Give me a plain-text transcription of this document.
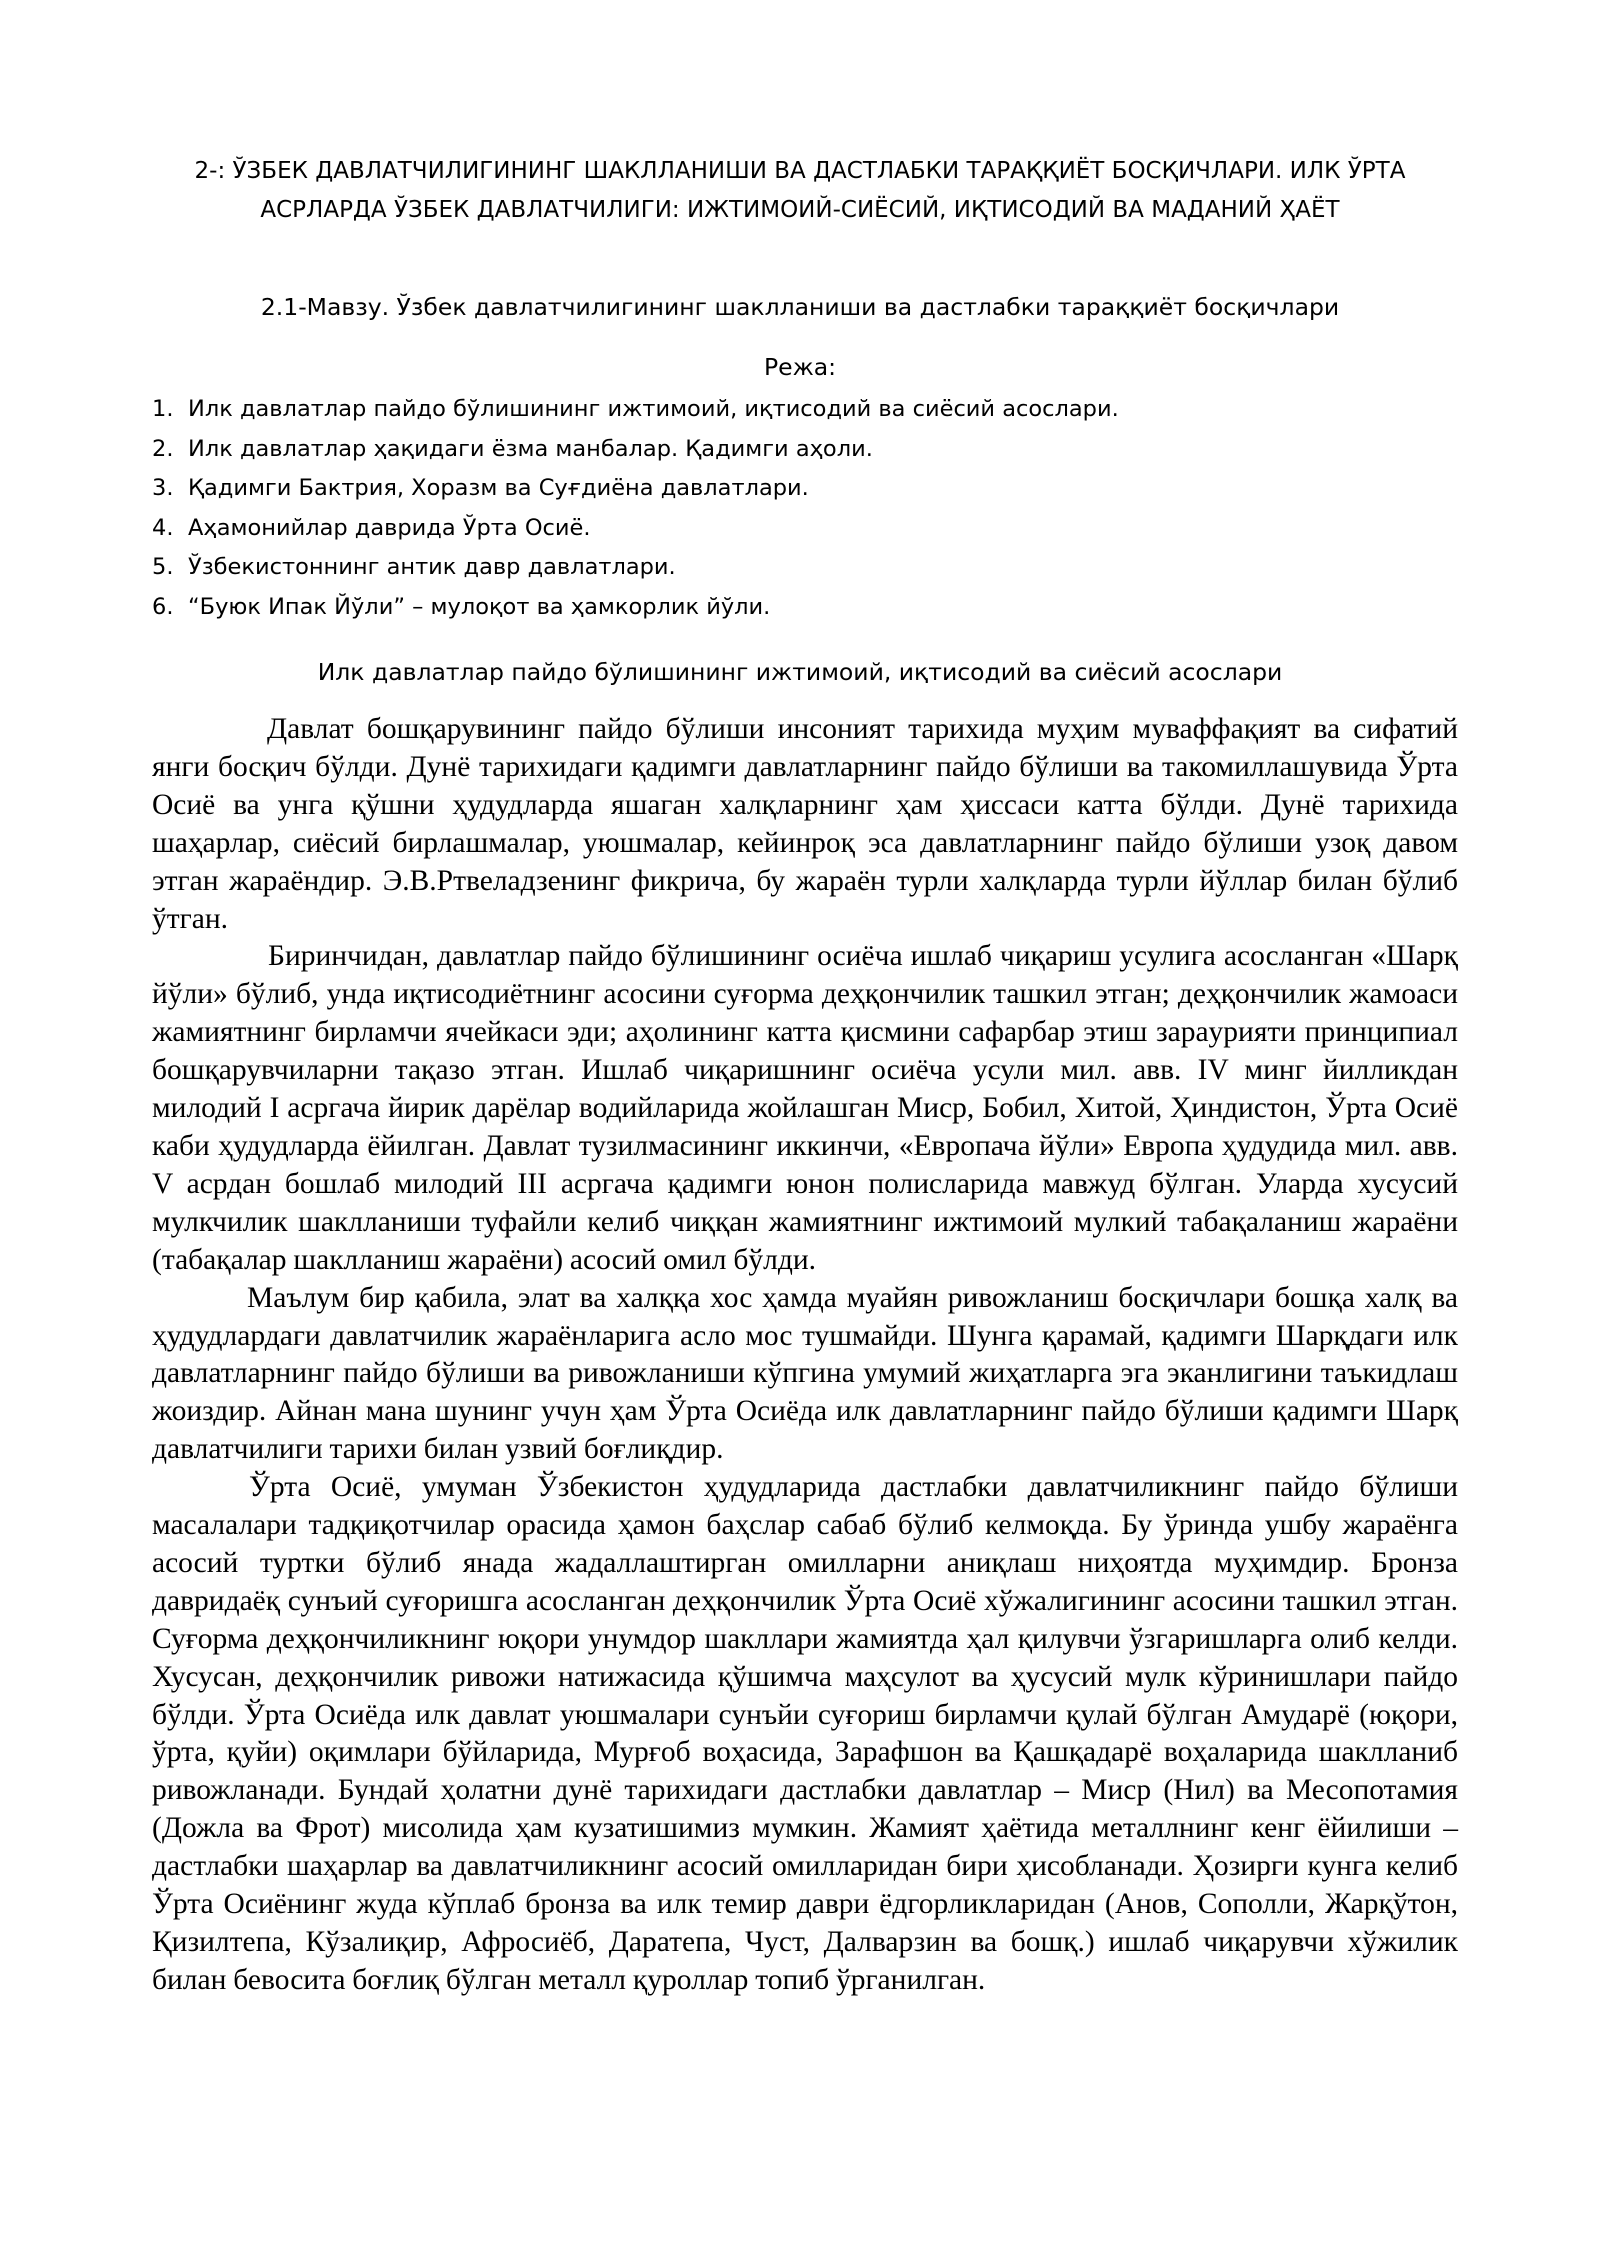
2-: ЎЗБЕК ДАВЛАТЧИЛИГИНИНГ ШАКЛЛАНИШИ ВА ДАСТЛАБКИ ТАРАҚҚИЁТ БОСҚИЧЛАРИ. ИЛК ЎРТА АСРЛАРДА ЎЗБЕК ДАВЛАТЧИЛИГИ: ИЖТИМОИЙ-СИЁСИЙ, ИҚТИСОДИЙ ВА МАДАНИЙ ҲАЁТ
2.1-Мавзу. Ўзбек давлатчилигининг шаклланиши ва дастлабки тараққиёт босқичлари
Режа:
1. Илк давлатлар пайдо бўлишининг ижтимоий, иқтисодий ва сиёсий асослари.
2. Илк давлатлар ҳақидаги ёзма манбалар. Қадимги аҳоли.
3. Қадимги Бактрия, Хоразм ва Суғдиёна давлатлари.
4. Аҳамонийлар даврида Ўрта Осиё.
5. Ўзбекистоннинг антик давр давлатлари.
6. “Буюк Ипак Йўли” – мулоқот ва ҳамкорлик йўли.
Илк давлатлар пайдо бўлишининг ижтимоий, иқтисодий ва сиёсий асослари

Давлат бошқарувининг пайдо бўлиши инсоният тарихида муҳим муваффақият ва сифатий янги босқич бўлди. Дунё тарихидаги қадимги давлатларнинг пайдо бўлиши ва такомиллашувида Ўрта Осиё ва унга қўшни ҳудудларда яшаган халқларнинг ҳам ҳиссаси катта бўлди. Дунё тарихида шаҳарлар, сиёсий бирлашмалар, уюшмалар, кейинроқ эса давлатларнинг пайдо бўлиши узоқ давом этган жараёндир. Э.В.Ртвеладзенинг фикрича, бу жараён турли халқларда турли йўллар билан бўлиб ўтган.

Биринчидан, давлатлар пайдо бўлишининг осиёча ишлаб чиқариш усулига асосланган «Шарқ йўли» бўлиб, унда иқтисодиётнинг асосини суғорма деҳқончилик ташкил этган; деҳқончилик жамоаси жамиятнинг бирламчи ячейкаси эди; аҳолининг катта қисмини сафарбар этиш зарaурияти принципиал бошқарувчиларни тақазо этган. Ишлаб чиқаришнинг осиёча усули мил. авв. IV минг йилликдан милодий I асргача йирик дарёлар водийларида жойлашган Миср, Бобил, Хитой, Ҳиндистон, Ўрта Осиё каби ҳудудларда ёйилган. Давлат тузилмасининг иккинчи, «Европача йўли» Европа ҳудудида мил. авв. V асрдан бошлаб милодий III асргача қадимги юнон полисларида мавжуд бўлган. Уларда хусусий мулкчилик шаклланиши туфайли келиб чиққан жамиятнинг ижтимоий мулкий табақаланиш жараёни (табақалар шаклланиш жараёни) асосий омил бўлди.

Маълум бир қабила, элат ва халққа хос ҳамда муайян ривожланиш босқичлари бошқа халқ ва ҳудудлардаги давлатчилик жараёнларига асло мос тушмайди. Шунга қарамай, қадимги Шарқдаги илк давлатларнинг пайдо бўлиши ва ривожланиши кўпгина умумий жиҳатларга эга эканлигини таъкидлаш жоиздир. Айнан мана шунинг учун ҳам Ўрта Осиёда илк давлатларнинг пайдо бўлиши қадимги Шарқ давлатчилиги тарихи билан узвий боғлиқдир.

Ўрта Осиё, умуман Ўзбекистон ҳудудларида дастлабки давлатчиликнинг пайдо бўлиши масалалари тадқиқотчилар орасида ҳамон баҳслар сабаб бўлиб келмоқда. Бу ўринда ушбу жараёнга асосий туртки бўлиб янада жадаллаштирган омилларни аниқлаш ниҳоятда муҳимдир. Бронза давридаёқ сунъий суғоришга асосланган деҳқончилик Ўрта Осиё хўжалигининг асосини ташкил этган. Суғорма деҳқончиликнинг юқори унумдор шакллари жамиятда ҳал қилувчи ўзгаришларга олиб келди. Хусусан, деҳқончилик ривожи натижасида қўшимча маҳсулот ва ҳусусий мулк кўринишлари пайдо бўлди. Ўрта Осиёда илк давлат уюшмалари сунъйи суғориш бирламчи қулай бўлган Амударё (юқори, ўрта, қуйи) оқимлари бўйларида, Мурғоб воҳасида, Зарафшон ва Қашқадарё воҳаларида шаклланиб ривожланади. Бундай ҳолатни дунё тарихидаги дастлабки давлатлар – Миср (Нил) ва Месопотамия (Дожла ва Фрот) мисолида ҳам кузатишимиз мумкин. Жамият ҳаётида металлнинг кенг ёйилиши – дастлабки шаҳарлар ва давлатчиликнинг асосий омилларидан бири ҳисобланади. Ҳозирги кунга келиб Ўрта Осиёнинг жуда кўплаб бронза ва илк темир даври ёдгорликларидан (Анов, Сополли, Жарқўтон, Қизилтепа, Кўзалиқир, Афросиёб, Даратепа, Чуст, Далварзин ва бошқ.) ишлаб чиқарувчи хўжилик билан бевосита боғлиқ бўлган металл қуроллар топиб ўрганилган.
